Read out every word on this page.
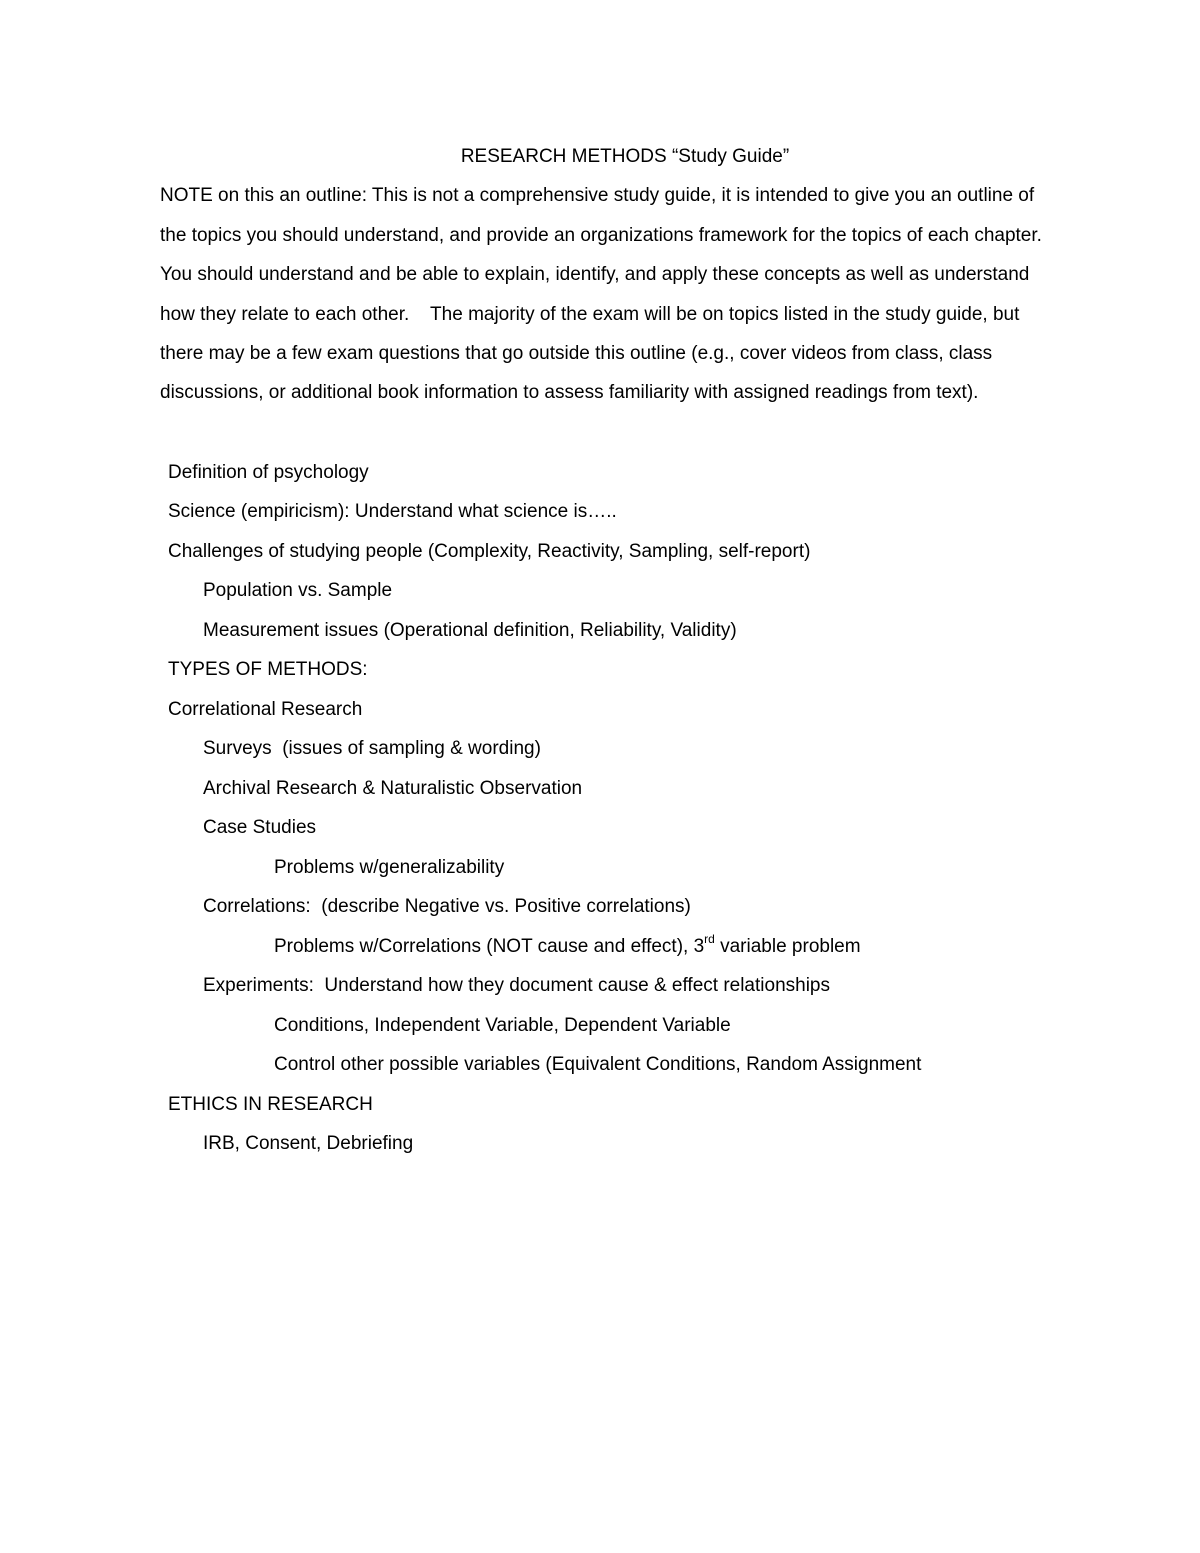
RESEARCH METHODS “Study Guide”
NOTE on this an outline: This is not a comprehensive study guide, it is intended to give you an outline of
the topics you should understand, and provide an organizations framework for the topics of each chapter.
You should understand and be able to explain, identify, and apply these concepts as well as understand
how they relate to each other.    The majority of the exam will be on topics listed in the study guide, but
there may be a few exam questions that go outside this outline (e.g., cover videos from class, class
discussions, or additional book information to assess familiarity with assigned readings from text).
Definition of psychology
Science (empiricism): Understand what science is…..
Challenges of studying people (Complexity, Reactivity, Sampling, self-report)
Population vs. Sample
Measurement issues (Operational definition, Reliability, Validity)
TYPES OF METHODS:
Correlational Research
Surveys  (issues of sampling & wording)
Archival Research & Naturalistic Observation
Case Studies
Problems w/generalizability
Correlations:  (describe Negative vs. Positive correlations)
Problems w/Correlations (NOT cause and effect), 3rd variable problem
Experiments:  Understand how they document cause & effect relationships
Conditions, Independent Variable, Dependent Variable
Control other possible variables (Equivalent Conditions, Random Assignment
ETHICS IN RESEARCH
IRB, Consent, Debriefing
